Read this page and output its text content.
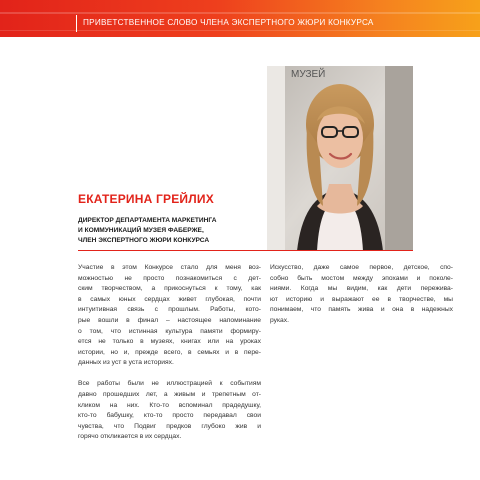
ПРИВЕТСТВЕННОЕ СЛОВО ЧЛЕНА ЭКСПЕРТНОГО ЖЮРИ КОНКУРСА
МУЗЕЙ
ЕКАТЕРИНА ГРЕЙЛИХ
ДИРЕКТОР ДЕПАРТАМЕНТА МАРКЕТИНГА
И КОММУНИКАЦИЙ МУЗЕЯ ФАБЕРЖЕ,
ЧЛЕН ЭКСПЕРТНОГО ЖЮРИ КОНКУРСА

Участие в этом Конкурсе стало для меня воз-
можностью не просто познакомиться с дет-
ским творчеством, а прикоснуться к тому, как
в самых юных сердцах живет глубокая, почти
интуитивная связь с прошлым. Работы, кото-
рые вошли в финал – настоящее напоминание
о том, что истинная культура памяти формиру-
ется не только в музеях, книгах или на уроках
истории, но и, прежде всего, в семьях и в пере-
данных из уст в уста историях.

Все работы были не иллюстрацией к событиям
давно прошедших лет, а живым и трепетным от-
кликом на них. Кто-то вспоминал прадедушку,
кто-то бабушку, кто-то просто передавал свои
чувства, что Подвиг предков глубоко жив и
горячо откликается в их сердцах.

Искусство, даже самое первое, детское, спо-
собно быть мостом между эпохами и поколе-
ниями. Когда мы видим, как дети пережива-
ют историю и выражают ее в творчестве, мы
понимаем, что память жива и она в надежных
руках.
